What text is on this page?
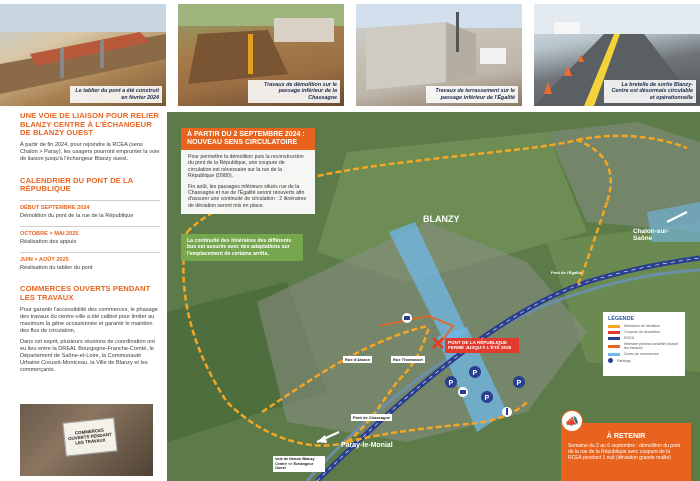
Le tablier du pont a été construit en février 2024
Travaux de démolition sur le passage inférieur de la Chassagne
Travaux de terrassement sur le passage inférieur de l'Égalité
La bretelle de sortie Blanzy-Centre est désormais circulable et opérationnelle
UNE VOIE DE LIAISON POUR RELIER BLANZY CENTRE À L'ÉCHANGEUR DE BLANZY OUEST
À partir de fin 2024, pour rejoindre la RCEA (sens Chalon > Paray), les usagers pourront emprunter la voie de liaison jusqu'à l'échangeur Blanzy ouest.
CALENDRIER DU PONT DE LA RÉPUBLIQUE
DÉBUT SEPTEMBRE 2024
Démolition du pont de la rue de la République
OCTOBRE > MAI 2025
Réalisation des appuis
JUIN > AOÛT 2025
Réalisation du tablier du pont
COMMERCES OUVERTS PENDANT LES TRAVAUX
Pour garantir l'accessibilité des commerces, le phasage des travaux du centre-ville a été calibré pour limiter au maximum la gêne occasionnée et garantir le maintien des flux de circulation.
Dans cet esprit, plusieurs réunions de coordination ont eu lieu entre la DREAL Bourgogne-Franche-Comté, le Département de Saône-et-Loire, la Communauté Urbaine Creusot-Montceau, la Ville de Blanzy et les commerçants.
COMMERCES OUVERTS PENDANT LES TRAVAUX
P
P
P
P
À PARTIR DU 2 SEPTEMBRE 2024 : NOUVEAU SENS CIRCULATOIRE
Pour permettre la démolition puis la reconstruction du pont de la République, une coupure de circulation est nécessaire sur la rue de la République (D980).
Fin août, les passages inférieurs situés rue de la Chassagne et rue de l'Égalité seront réouverts afin d'assurer une continuité de circulation : 2 itinéraires de déviation seront mis en place.
La continuité des itinéraires des différents bus est assurée avec des adaptations sur l'emplacement de certains arrêts.
BLANZY
Chalon-sur-Saône
Paray-le-Monial
PONT DE LA RÉPUBLIQUE FERMÉ JUSQU'À L'ÉTÉ 2025
Pont de l'Égalité
Pont de Chassagne
Rue d'Alsace	Rue Thomasset
Voie de liaison Blanzy Centre <> Échangeur Ouest
LÉGENDE
Itinéraires de déviation
Coupure de circulation
RCEA
Itinéraire piétons conseillé (durant les travaux)
Zones de commerces
Parkings
À RETENIR
Semaine du 2 au 6 septembre : démolition du pont de la rue de la République avec coupure de la RCEA pendant 1 nuit (déviation grande maille)
📣
